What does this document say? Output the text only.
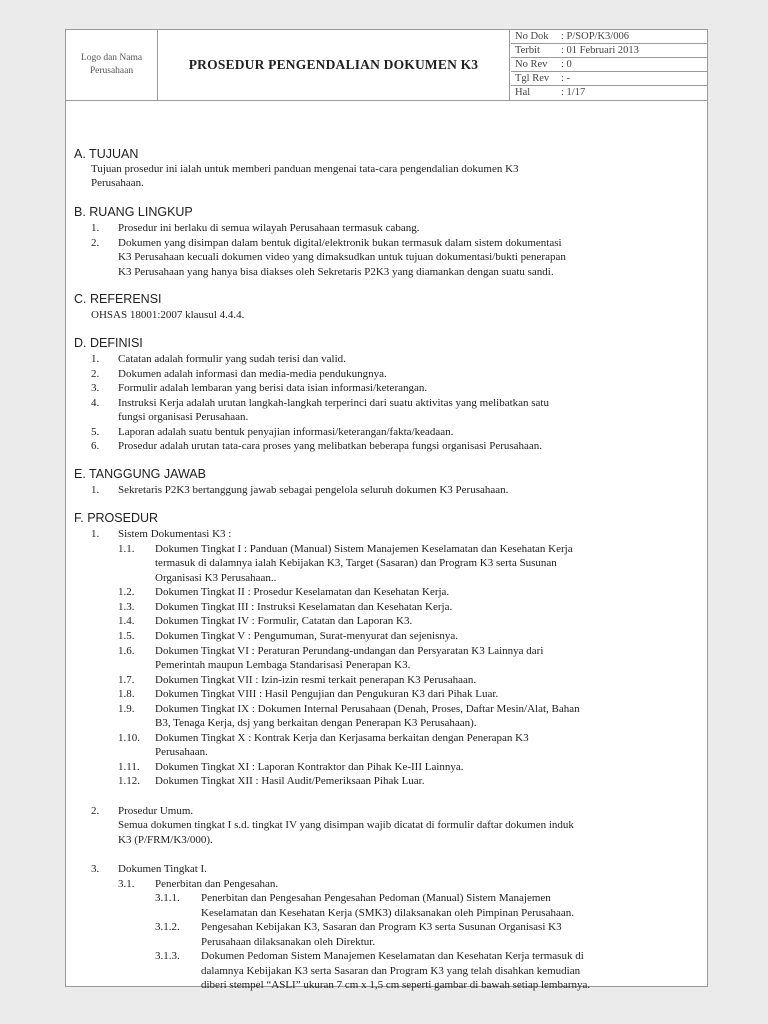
Logo dan Nama
Perusahaan	PROSEDUR PENGENDALIAN DOKUMEN K3
No Dok : P/SOP/K3/006
Terbit : 01 Februari 2013
No Rev : 0
Tgl Rev : -
Hal	: 1/17
A. TUJUAN
Tujuan prosedur ini ialah untuk memberi panduan mengenai tata-cara pengendalian dokumen K3
Perusahaan.
B. RUANG LINGKUP
1. Prosedur ini berlaku di semua wilayah Perusahaan termasuk cabang.
2. Dokumen yang disimpan dalam bentuk digital/elektronik bukan termasuk dalam sistem dokumentasi
K3 Perusahaan kecuali dokumen video yang dimaksudkan untuk tujuan dokumentasi/bukti penerapan
K3 Perusahaan yang hanya bisa diakses oleh Sekretaris P2K3 yang diamankan dengan suatu sandi.
C. REFERENSI
OHSAS 18001:2007 klausul 4.4.4.
D. DEFINISI
1. Catatan adalah formulir yang sudah terisi dan valid.
2. Dokumen adalah informasi dan media-media pendukungnya.
3. Formulir adalah lembaran yang berisi data isian informasi/keterangan.
4. Instruksi Kerja adalah urutan langkah-langkah terperinci dari suatu aktivitas yang melibatkan satu
fungsi organisasi Perusahaan.
5. Laporan adalah suatu bentuk penyajian informasi/keterangan/fakta/keadaan.
6. Prosedur adalah urutan tata-cara proses yang melibatkan beberapa fungsi organisasi Perusahaan.
E. TANGGUNG JAWAB
1. Sekretaris P2K3 bertanggung jawab sebagai pengelola seluruh dokumen K3 Perusahaan.
F. PROSEDUR
1. Sistem Dokumentasi K3 :
1.1. Dokumen Tingkat I : Panduan (Manual) Sistem Manajemen Keselamatan dan Kesehatan Kerja
termasuk di dalamnya ialah Kebijakan K3, Target (Sasaran) dan Program K3 serta Susunan
Organisasi K3 Perusahaan..
1.2. Dokumen Tingkat II : Prosedur Keselamatan dan Kesehatan Kerja.
1.3. Dokumen Tingkat III : Instruksi Keselamatan dan Kesehatan Kerja.
1.4. Dokumen Tingkat IV : Formulir, Catatan dan Laporan K3.
1.5. Dokumen Tingkat V : Pengumuman, Surat-menyurat dan sejenisnya.
1.6. Dokumen Tingkat VI : Peraturan Perundang-undangan dan Persyaratan K3 Lainnya dari
Pemerintah maupun Lembaga Standarisasi Penerapan K3.
1.7. Dokumen Tingkat VII : Izin-izin resmi terkait penerapan K3 Perusahaan.
1.8. Dokumen Tingkat VIII : Hasil Pengujian dan Pengukuran K3 dari Pihak Luar.
1.9. Dokumen Tingkat IX : Dokumen Internal Perusahaan (Denah, Proses, Daftar Mesin/Alat, Bahan
B3, Tenaga Kerja, dsj yang berkaitan dengan Penerapan K3 Perusahaan).
1.10. Dokumen Tingkat X : Kontrak Kerja dan Kerjasama berkaitan dengan Penerapan K3
Perusahaan.
1.11. Dokumen Tingkat XI : Laporan Kontraktor dan Pihak Ke-III Lainnya.
1.12. Dokumen Tingkat XII : Hasil Audit/Pemeriksaan Pihak Luar.
2. Prosedur Umum.
Semua dokumen tingkat I s.d. tingkat IV yang disimpan wajib dicatat di formulir daftar dokumen induk
K3 (P/FRM/K3/000).
3. Dokumen Tingkat I.
3.1. Penerbitan dan Pengesahan.
3.1.1. Penerbitan dan Pengesahan Pengesahan Pedoman (Manual) Sistem Manajemen
Keselamatan dan Kesehatan Kerja (SMK3) dilaksanakan oleh Pimpinan Perusahaan.
3.1.2. Pengesahan Kebijakan K3, Sasaran dan Program K3 serta Susunan Organisasi K3
Perusahaan dilaksanakan oleh Direktur.
3.1.3. Dokumen Pedoman Sistem Manajemen Keselamatan dan Kesehatan Kerja termasuk di
dalamnya Kebijakan K3 serta Sasaran dan Program K3 yang telah disahkan kemudian
diberi stempel “ASLI” ukuran 7 cm x 1,5 cm seperti gambar di bawah setiap lembarnya.
